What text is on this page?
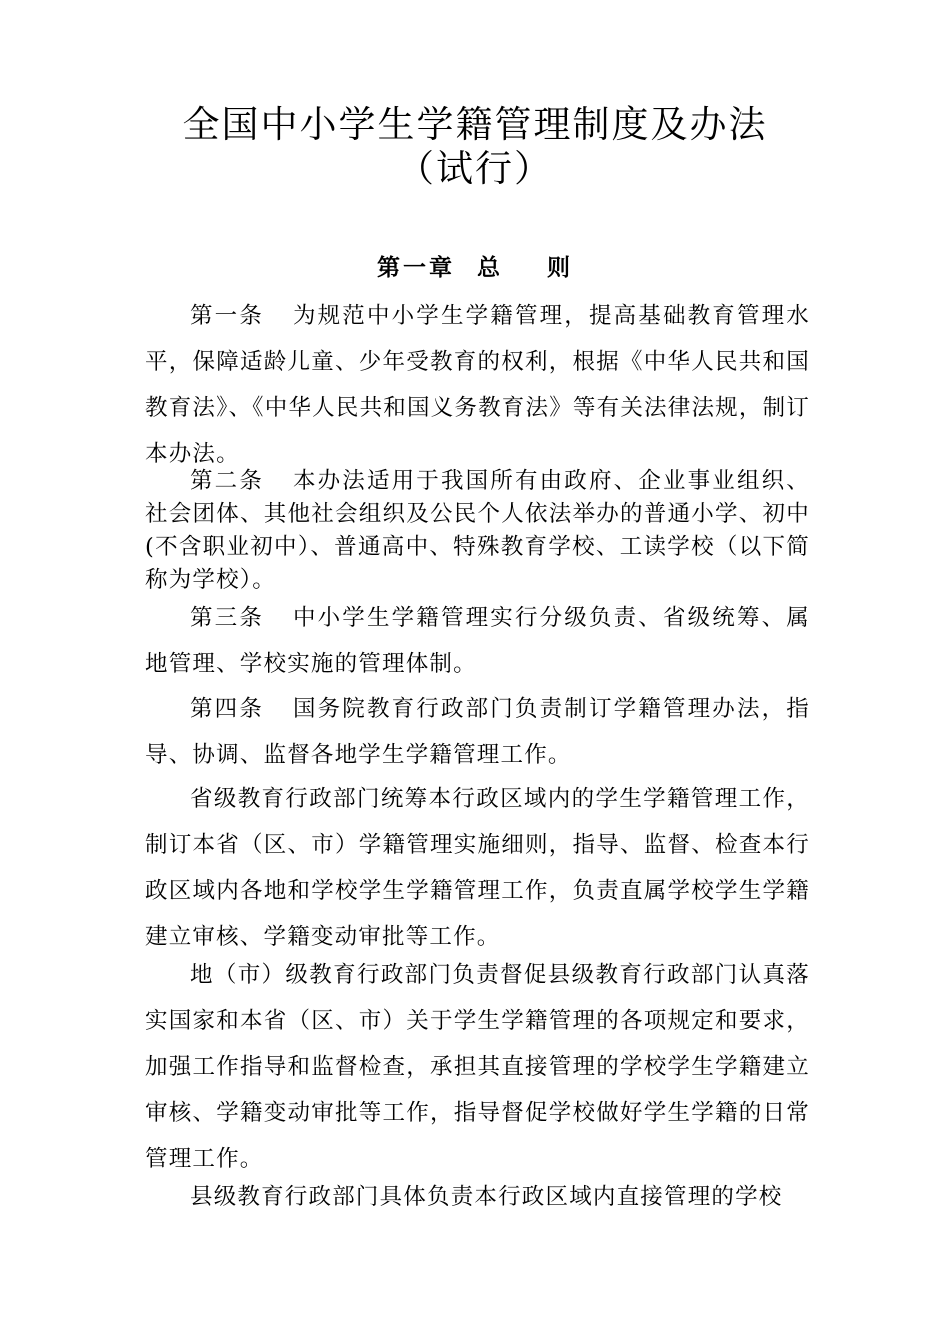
全国中小学生学籍管理制度及办法
（试行）
第一章  总    则

第一条 为规范中小学生学籍管理，提高基础教育管理水平，保障适龄儿童、少年受教育的权利，根据《中华人民共和国教育法》、《中华人民共和国义务教育法》等有关法律法规，制订本办法。

第二条 本办法适用于我国所有由政府、企业事业组织、社会团体、其他社会组织及公民个人依法举办的普通小学、初中(不含职业初中）、普通高中、特殊教育学校、工读学校（以下简称为学校）。

第三条 中小学生学籍管理实行分级负责、省级统筹、属地管理、学校实施的管理体制。

第四条 国务院教育行政部门负责制订学籍管理办法，指导、协调、监督各地学生学籍管理工作。

省级教育行政部门统筹本行政区域内的学生学籍管理工作，制订本省（区、市）学籍管理实施细则，指导、监督、检查本行政区域内各地和学校学生学籍管理工作，负责直属学校学生学籍建立审核、学籍变动审批等工作。

地（市）级教育行政部门负责督促县级教育行政部门认真落实国家和本省（区、市）关于学生学籍管理的各项规定和要求，加强工作指导和监督检查，承担其直接管理的学校学生学籍建立审核、学籍变动审批等工作，指导督促学校做好学生学籍的日常管理工作。

县级教育行政部门具体负责本行政区域内直接管理的学校
